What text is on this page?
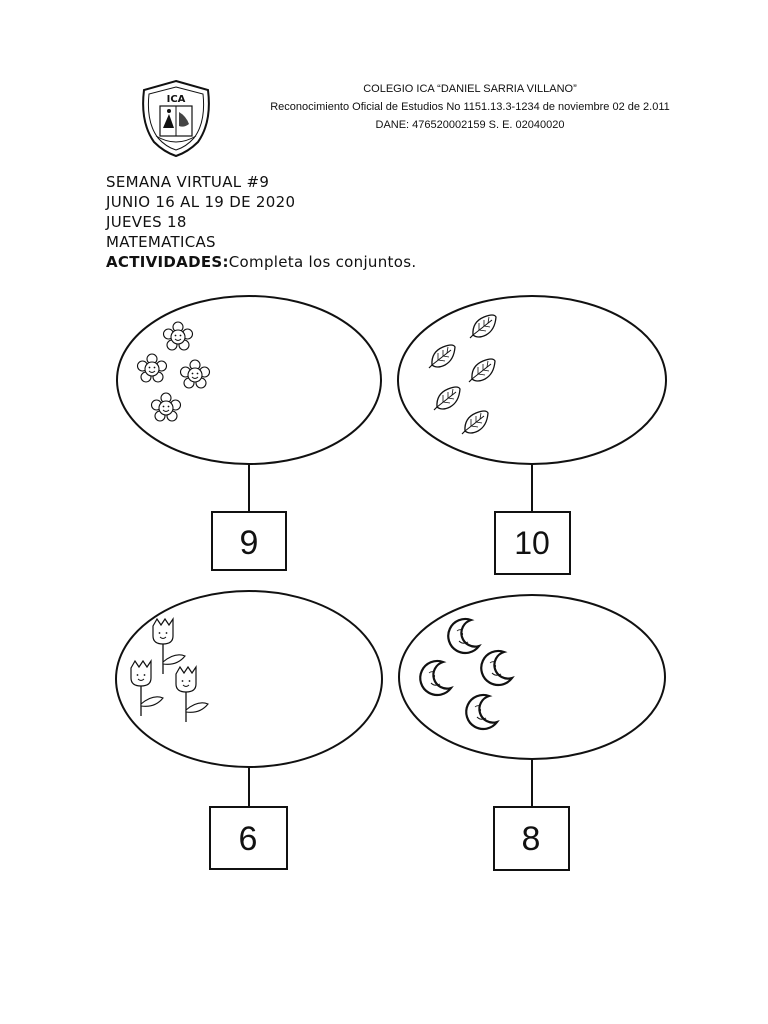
ICA
COLEGIO ICA “DANIEL SARRIA VILLANO”
Reconocimiento Oficial de Estudios No 1151.13.3-1234 de noviembre 02 de 2.011
DANE: 476520002159 S. E. 02040020
SEMANA VIRTUAL #9
JUNIO 16 AL 19 DE 2020
JUEVES 18
MATEMATICAS
ACTIVIDADES:Completa los conjuntos.
9	10
6	8
